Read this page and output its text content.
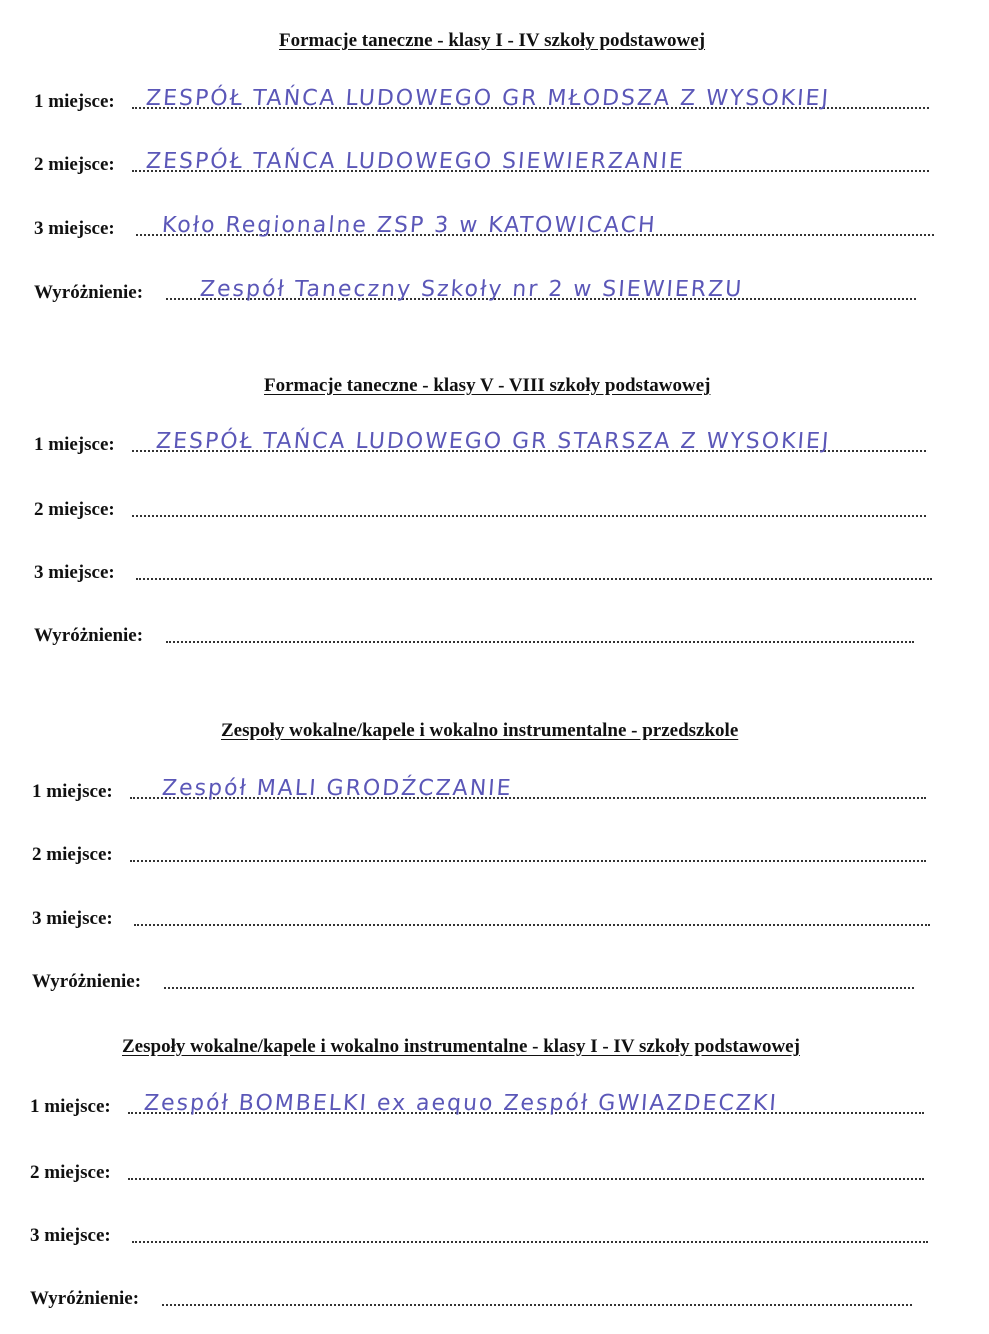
Formacje taneczne - klasy I - IV szkoły podstawowej
1 miejsce: ZESPÓŁ TAŃCA LUDOWEGO GR MŁODSZA Z WYSOKIEJ
2 miejsce: ZESPÓŁ TAŃCA LUDOWEGO SIEWIERZANIE
3 miejsce: Koło Regionalne ZSP 3 w KATOWICACH
Wyróżnienie:	Zespół Taneczny Szkoły nr 2 w SIEWIERZU
Formacje taneczne - klasy V - VIII szkoły podstawowej
1 miejsce: ZESPÓŁ TAŃCA LUDOWEGO GR STARSZA Z WYSOKIEJ
2 miejsce:
3 miejsce:
Wyróżnienie:
Zespoły wokalne/kapele i wokalno instrumentalne - przedszkole
1 miejsce: Zespół MALI GRODŹCZANIE
2 miejsce:
3 miejsce:
Wyróżnienie:
Zespoły wokalne/kapele i wokalno instrumentalne - klasy I - IV szkoły podstawowej
1 miejsce: Zespół BOMBELKI ex aequo Zespół GWIAZDECZKI
2 miejsce:
3 miejsce:
Wyróżnienie:
